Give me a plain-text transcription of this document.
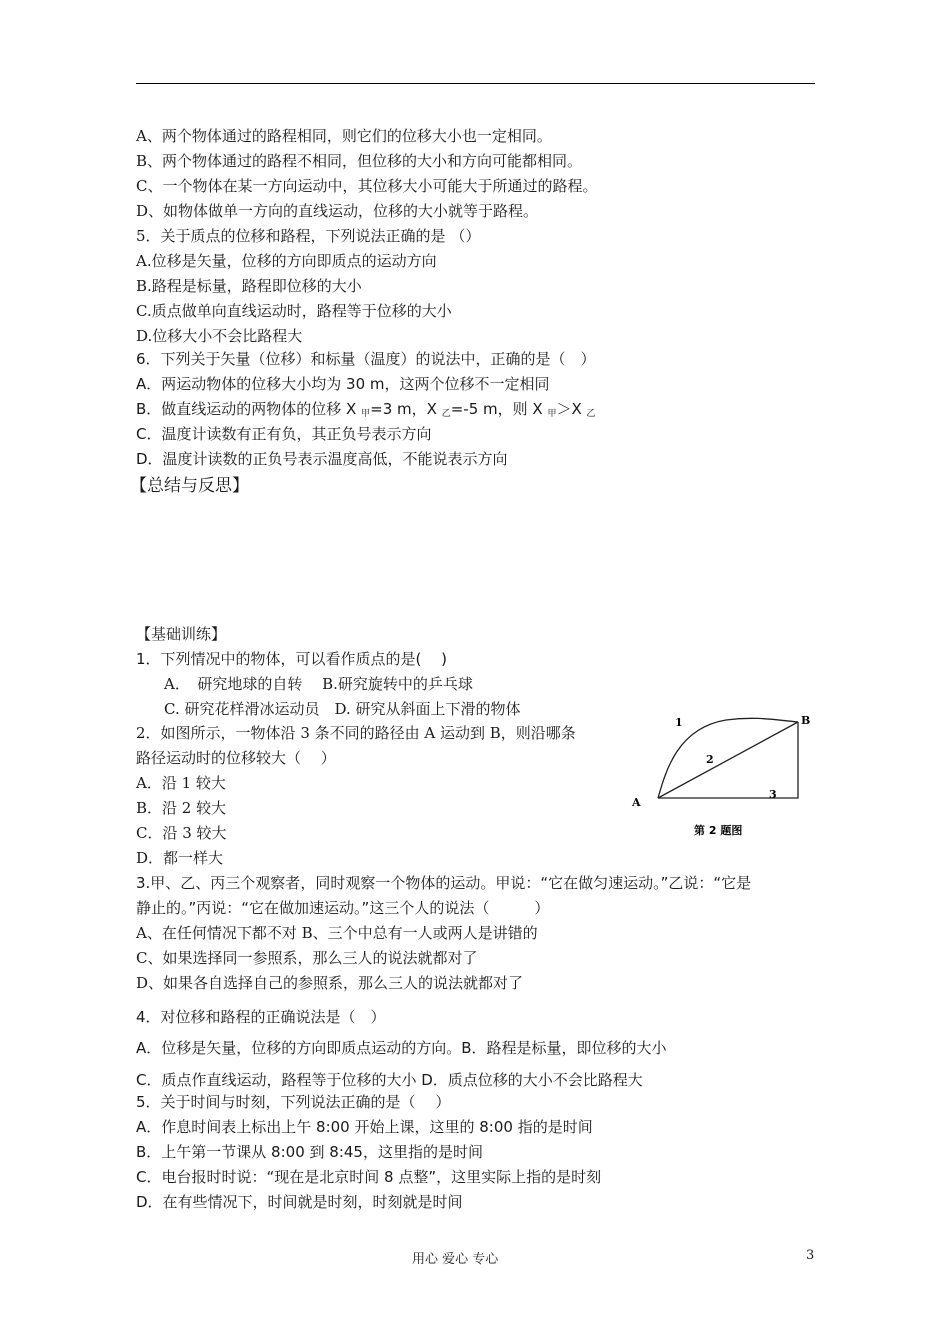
A、两个物体通过的路程相同，则它们的位移大小也一定相同。
B、两个物体通过的路程不相同，但位移的大小和方向可能都相同。
C、一个物体在某一方向运动中，其位移大小可能大于所通过的路程。
D、如物体做单一方向的直线运动，位移的大小就等于路程。
5．关于质点的位移和路程，下列说法正确的是 （）
A.位移是矢量，位移的方向即质点的运动方向
B.路程是标量，路程即位移的大小
C.质点做单向直线运动时，路程等于位移的大小
D.位移大小不会比路程大
6．下列关于矢量（位移）和标量（温度）的说法中，正确的是（　）
A．两运动物体的位移大小均为 30 m，这两个位移不一定相同
B．做直线运动的两物体的位移 X $_甲$=3 m，X $_乙$=-5 m，则 X $_甲$＞X $_乙$
C．温度计读数有正有负，其正负号表示方向
D．温度计读数的正负号表示温度高低，不能说表示方向
【总结与反思】
【基础训练】
1．下列情况中的物体，可以看作质点的是(　 )
A．　研究地球的自转　 B.研究旋转中的乒乓球
C. 研究花样滑冰运动员　D. 研究从斜面上下滑的物体
2．如图所示，一物体沿 3 条不同的路径由 A 运动到 B，则沿哪条
路径运动时的位移较大（　 ）
A．沿 1 较大
B．沿 2 较大
C．沿 3 较大
D．都一样大
1
2
3
A
B
第 2 题图
3.甲、乙、丙三个观察者，同时观察一个物体的运动。甲说：“它在做匀速运动。”乙说：“它是
静止的。”丙说：“它在做加速运动。”这三个人的说法（　　　）
A、在任何情况下都不对 B、三个中总有一人或两人是讲错的
C、如果选择同一参照系，那么三人的说法就都对了
D、如果各自选择自己的参照系，那么三人的说法就都对了
4．对位移和路程的正确说法是（　）
A．位移是矢量，位移的方向即质点运动的方向。B．路程是标量，即位移的大小
C．质点作直线运动，路程等于位移的大小 D．质点位移的大小不会比路程大
5．关于时间与时刻，下列说法正确的是（　 ）
A．作息时间表上标出上午 8:00 开始上课，这里的 8:00 指的是时间
B．上午第一节课从 8:00 到 8:45，这里指的是时间
C．电台报时时说：“现在是北京时间 8 点整”，这里实际上指的是时刻
D．在有些情况下，时间就是时刻，时刻就是时间
用心 爱心 专心	3
